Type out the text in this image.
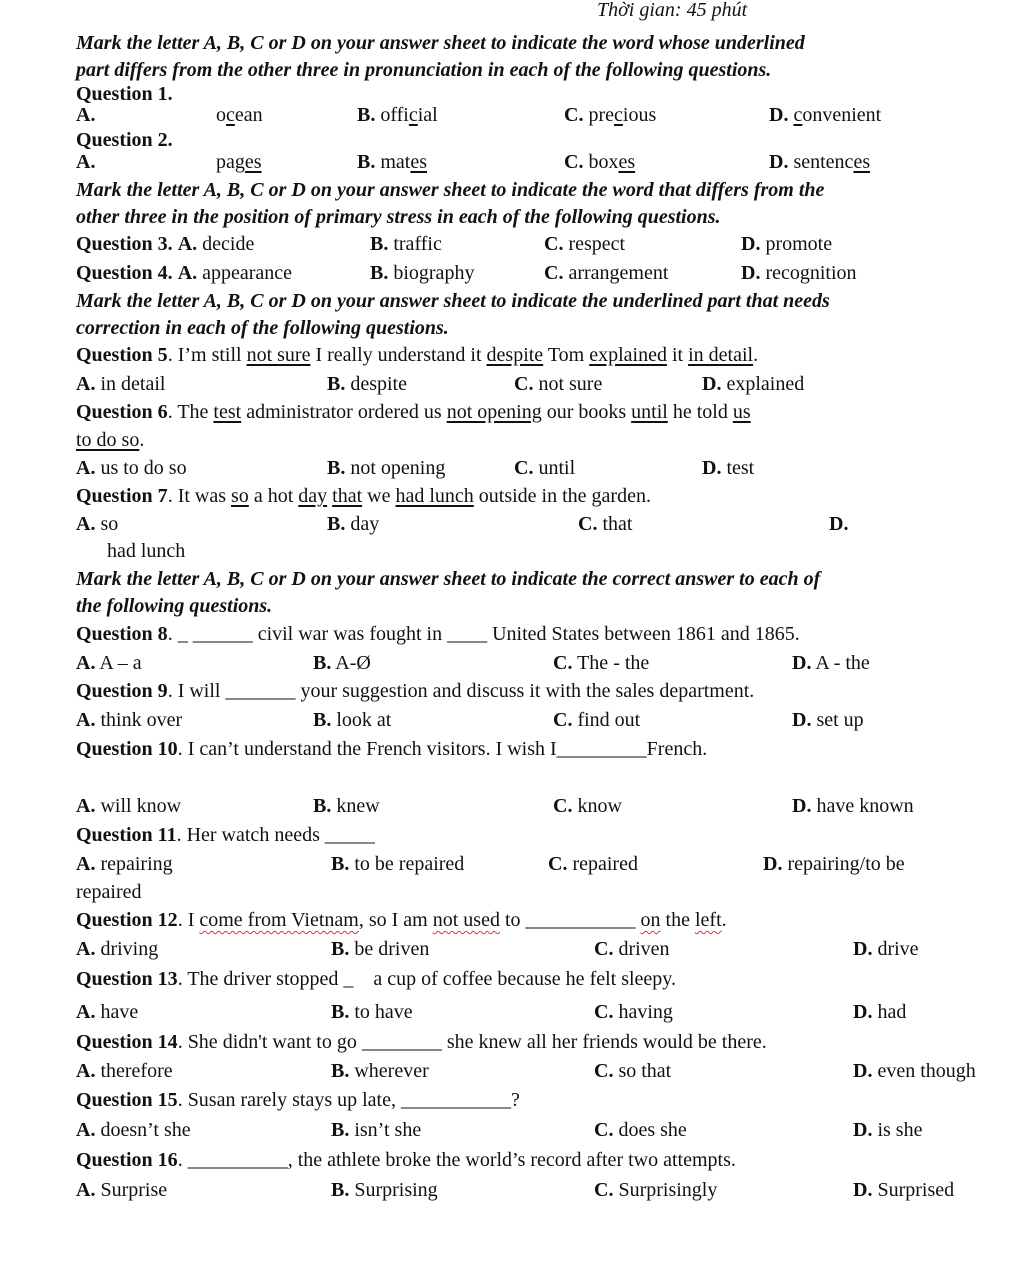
Thời gian: 45 phút
Mark the letter A, B, C or D on your answer sheet to indicate the word whose underlined
part differs from the other three in pronunciation in each of the following questions.
Question 1.
A.	ocean	B. official	C. precious	D. convenient
Question 2.
A.	pages	B. mates	C. boxes	D. sentences
Mark the letter A, B, C or D on your answer sheet to indicate the word that differs from the
other three in the position of primary stress in each of the following questions.
Question 3. A. decide	B. traffic	C. respect	D. promote
Question 4. A. appearance	B. biography	C. arrangement	D. recognition
Mark the letter A, B, C or D on your answer sheet to indicate the underlined part that needs
correction in each of the following questions.
Question 5. I’m still not sure I really understand it despite Tom explained it in detail.
A. in detail	B. despite	C. not sure	D. explained
Question 6. The test administrator ordered us not opening our books until he told us
to do so.
A. us to do so	B. not opening	C. until	D. test
Question 7. It was so a hot day that we had lunch outside in the garden.
A. so	B. day	C. that	D.
had lunch
Mark the letter A, B, C or D on your answer sheet to indicate the correct answer to each of
the following questions.
Question 8. _ ______ civil war was fought in ____ United States between 1861 and 1865.
A. A – a	B. A-Ø	C. The - the	D. A - the
Question 9. I will _______ your suggestion and discuss it with the sales department.
A. think over	B. look at	C. find out	D. set up
Question 10. I can’t understand the French visitors. I wish I_________French.
A. will know	B. knew	C. know	D. have known
Question 11. Her watch needs _____
A. repairing	B. to be repaired	C. repaired	D. repairing/to be
repaired
Question 12. I come from Vietnam, so I am not used to ___________ on the left.
A. driving	B. be driven	C. driven	D. drive
Question 13. The driver stopped _    a cup of coffee because he felt sleepy.
A. have	B. to have	C. having	D. had
Question 14. She didn't want to go ________ she knew all her friends would be there.
A. therefore	B. wherever	C. so that	D. even though
Question 15. Susan rarely stays up late, ___________?
A. doesn’t she	B. isn’t she	C. does she	D. is she
Question 16. __________, the athlete broke the world’s record after two attempts.
A. Surprise	B. Surprising	C. Surprisingly	D. Surprised
